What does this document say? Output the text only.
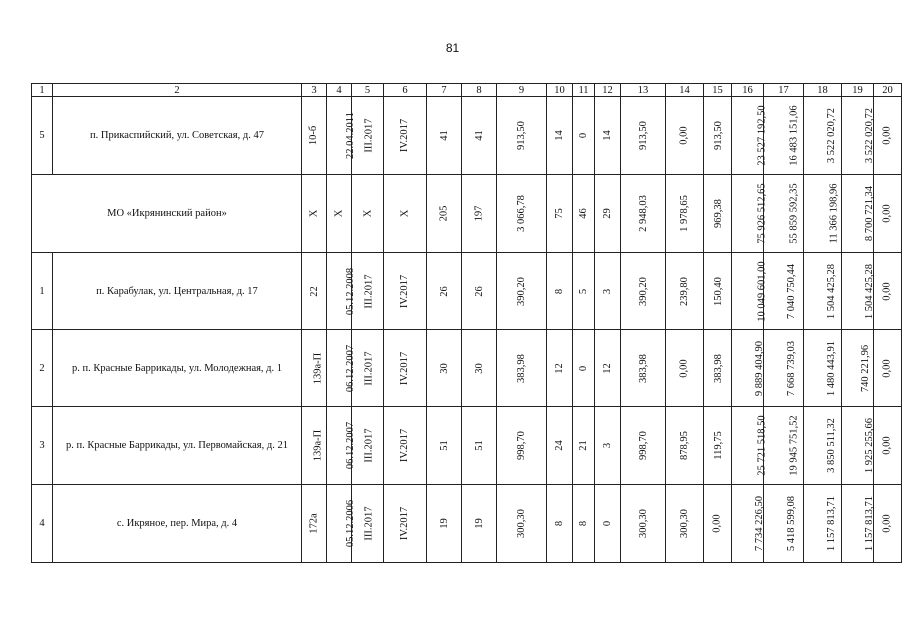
81
1	2	3	4	5	6	7	8	9	10	11	12	13	14	15	16	17	18	19	20
5	п. Прикаспийский, ул. Советская, д. 47	10-б	22.04.2011	III.2017	IV.2017	41	41	913,50	14	0	14	913,50	0,00	913,50	23 527 192,50	16 483 151,06	3 522 020,72	3 522 020,72	0,00
МО «Икрянинский район»		X	X	X	X	205	197	3 066,78	75	46	29	2 948,03	1 978,65	969,38	75 926 512,65	55 859 592,35	11 366 198,96	8 700 721,34	0,00
1	п. Карабулак, ул. Центральная, д. 17	22	05.12.2008	III.2017	IV.2017	26	26	390,20	8	5	3	390,20	239,80	150,40	10 049 601,00	7 040 750,44	1 504 425,28	1 504 425,28	0,00
2	р. п. Красные Баррикады, ул. Молодежная, д. 1	139а-П	06.12.2007	III.2017	IV.2017	30	30	383,98	12	0	12	383,98	0,00	383,98	9 889 404,90	7 668 739,03	1 480 443,91	740 221,96	0,00
3	р. п. Красные Баррикады, ул. Первомайская, д. 21	139а-П	06.12.2007	III.2017	IV.2017	51	51	998,70	24	21	3	998,70	878,95	119,75	25 721 518,50	19 945 751,52	3 850 511,32	1 925 255,66	0,00
4	с. Икряное, пер. Мира, д. 4	172а	05.12.2006	III.2017	IV.2017	19	19	300,30	8	8	0	300,30	300,30	0,00	7 734 226,50	5 418 599,08	1 157 813,71	1 157 813,71	0,00
